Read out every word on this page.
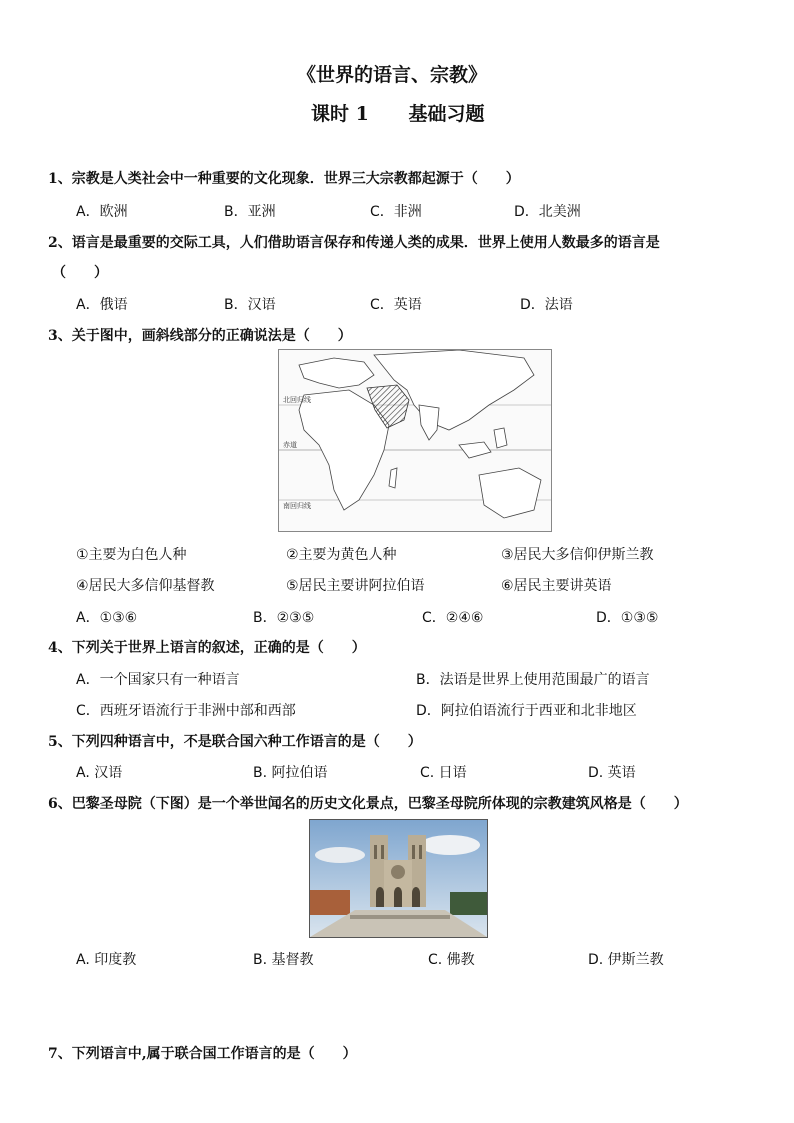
《世界的语言、宗教》
课时 1      基础习题
1、宗教是人类社会中一种重要的文化现象．世界三大宗教都起源于（　　）
A．欧洲	B．亚洲	C．非洲	D．北美洲
2、语言是最重要的交际工具，人们借助语言保存和传递人类的成果．世界上使用人数最多的语言是
（　　）
A．俄语	B．汉语	C．英语	D．法语
3、关于图中，画斜线部分的正确说法是（　　）
北回归线
赤道
南回归线
①主要为白色人种	②主要为黄色人种	③居民大多信仰伊斯兰教
④居民大多信仰基督教	⑤居民主要讲阿拉伯语	⑥居民主要讲英语
A．①③⑥	B．②③⑤	C．②④⑥	D．①③⑤
4、下列关于世界上语言的叙述，正确的是（　　）
A．一个国家只有一种语言	B．法语是世界上使用范围最广的语言
C．西班牙语流行于非洲中部和西部	D．阿拉伯语流行于西亚和北非地区
5、下列四种语言中，不是联合国六种工作语言的是（　　）
A. 汉语	B. 阿拉伯语	C. 日语	D. 英语
6、巴黎圣母院（下图）是一个举世闻名的历史文化景点，巴黎圣母院所体现的宗教建筑风格是（　　）
A. 印度教	B. 基督教	C. 佛教	D. 伊斯兰教
7、下列语言中,属于联合国工作语言的是（　　）
